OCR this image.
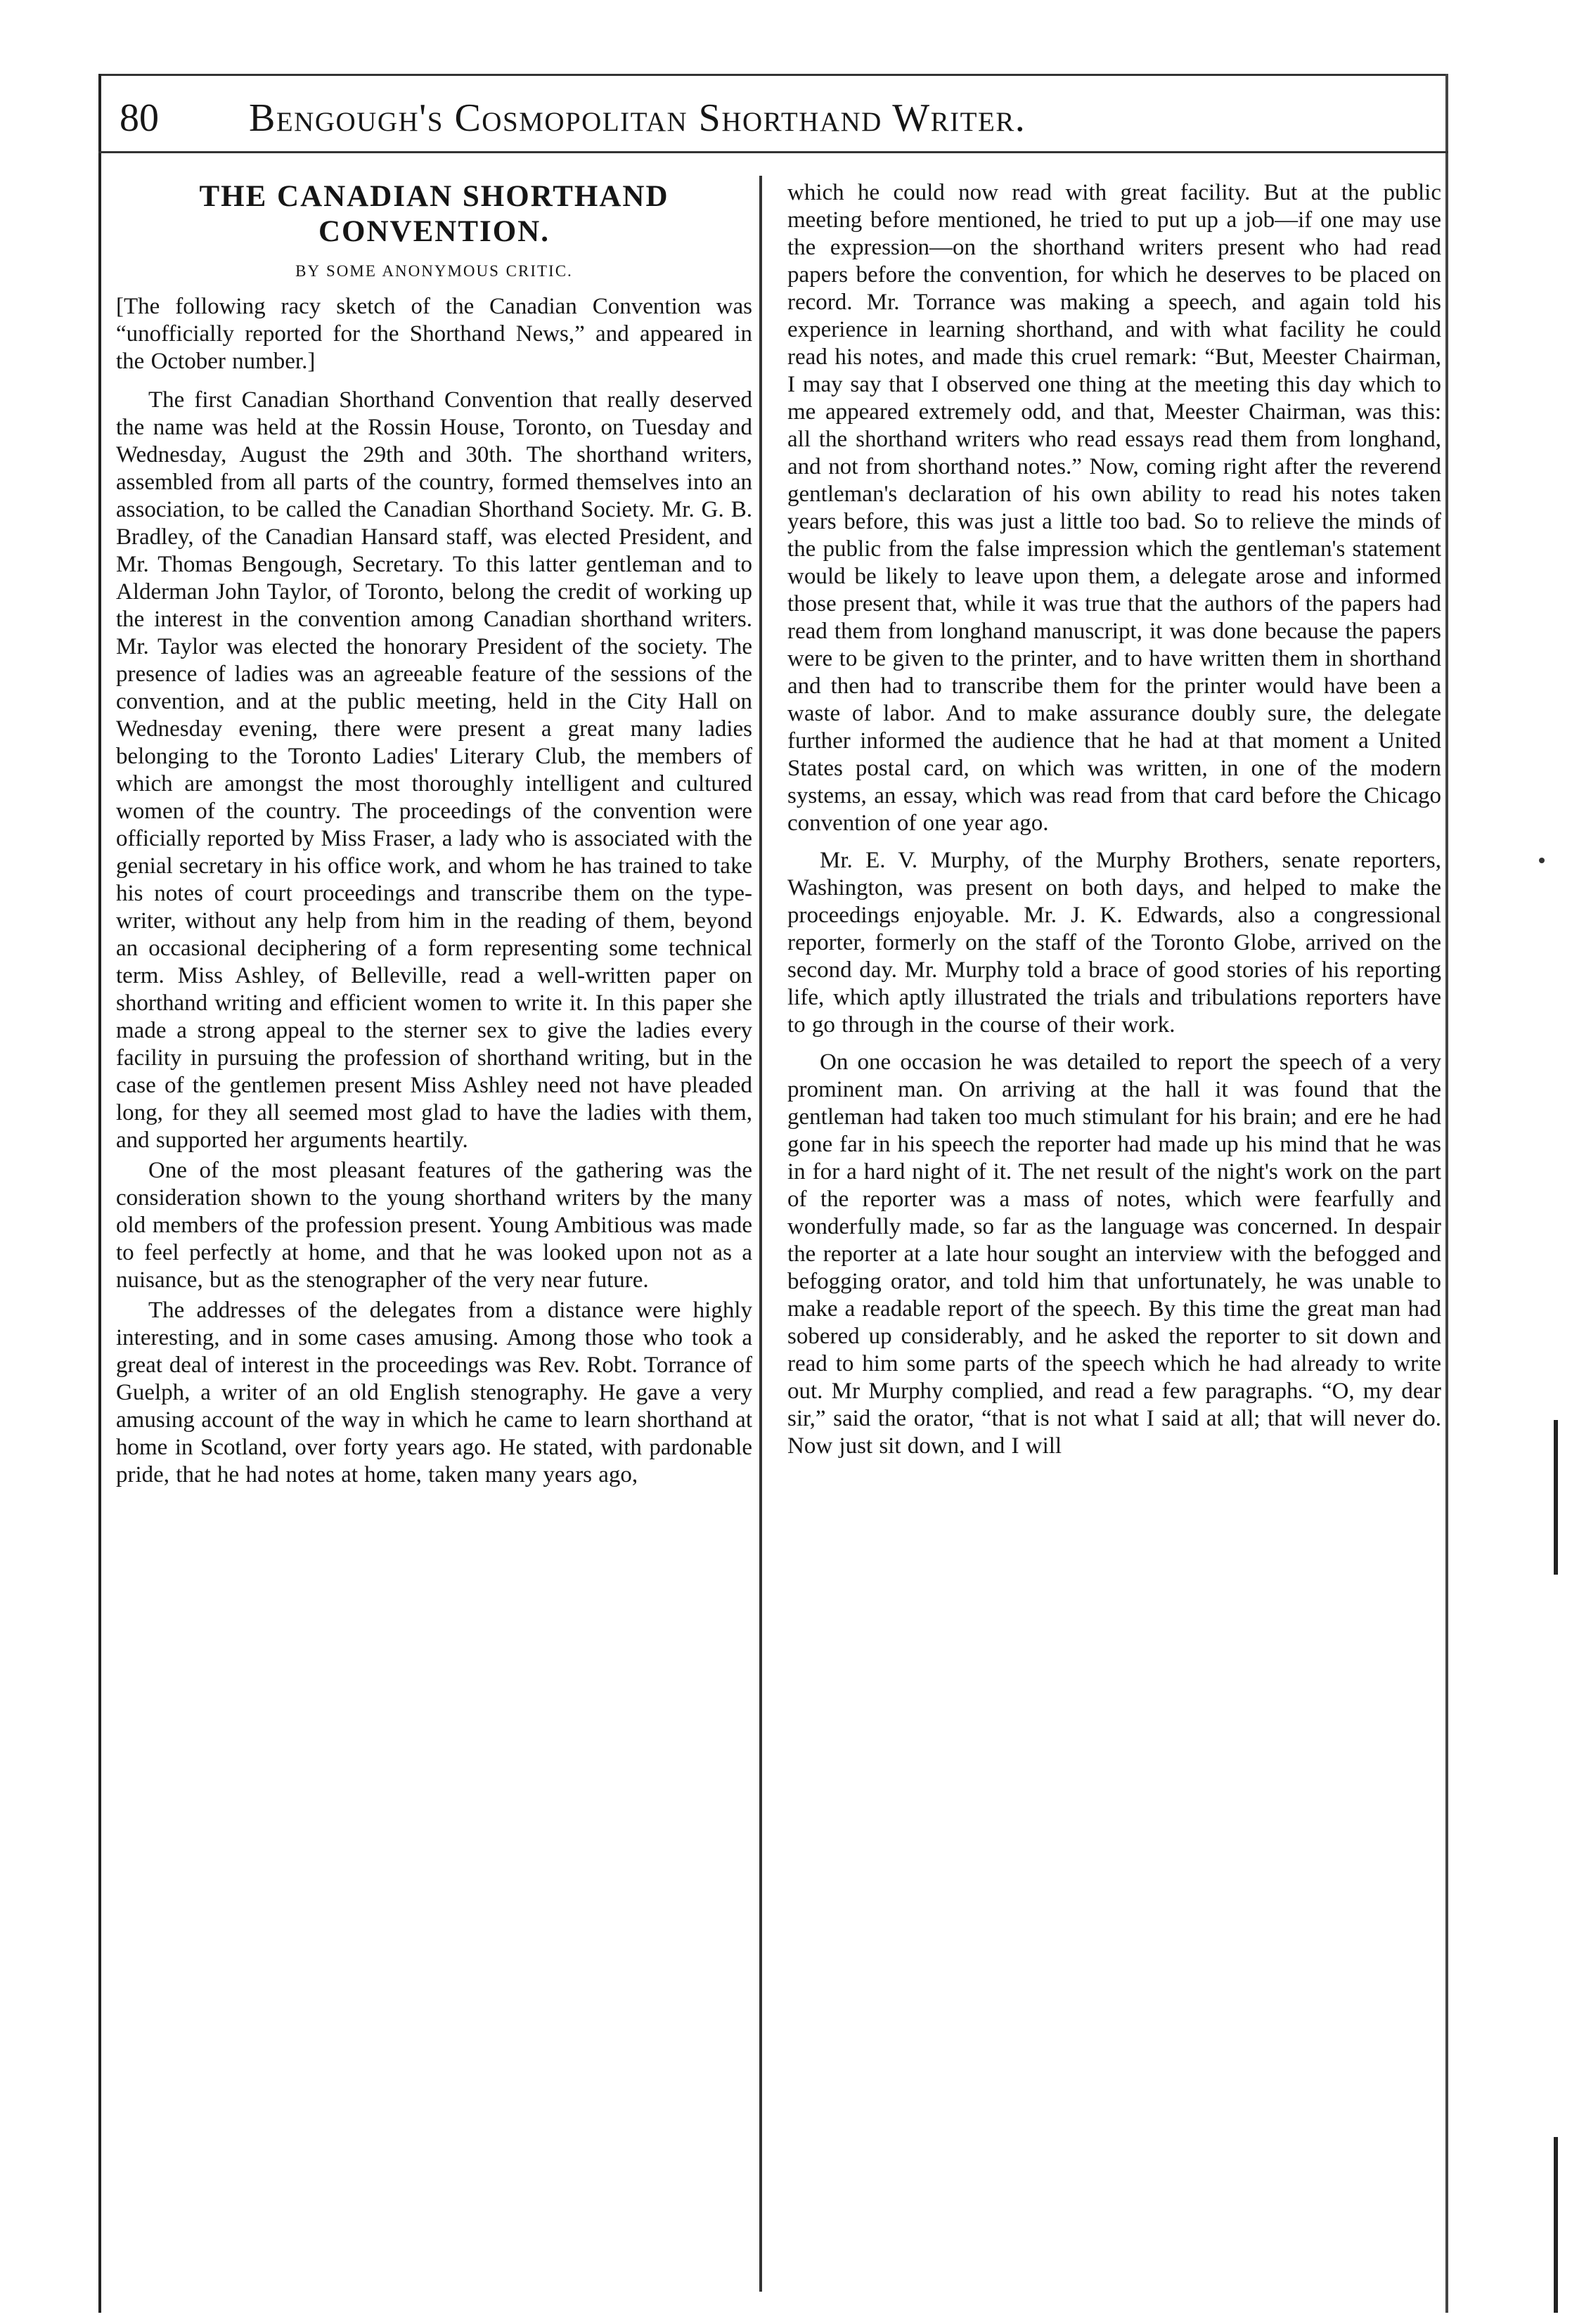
80 Bengough's Cosmopolitan Shorthand Writer.
THE CANADIAN SHORTHAND CONVENTION.
BY SOME ANONYMOUS CRITIC.

[The following racy sketch of the Canadian Convention was “unofficially reported for the Shorthand News,” and appeared in the October number.]

The first Canadian Shorthand Convention that really deserved the name was held at the Rossin House, Toronto, on Tuesday and Wednesday, August the 29th and 30th. The shorthand writers, assembled from all parts of the country, formed themselves into an association, to be called the Canadian Shorthand Society. Mr. G. B. Bradley, of the Canadian Hansard staff, was elected President, and Mr. Thomas Bengough, Secretary. To this latter gentleman and to Alderman John Taylor, of Toronto, belong the credit of working up the interest in the convention among Canadian shorthand writers. Mr. Taylor was elected the honorary President of the society. The presence of ladies was an agreeable feature of the sessions of the convention, and at the public meeting, held in the City Hall on Wednesday evening, there were present a great many ladies belonging to the Toronto Ladies' Literary Club, the members of which are amongst the most thoroughly intelligent and cultured women of the country. The proceedings of the convention were officially reported by Miss Fraser, a lady who is associated with the genial secretary in his office work, and whom he has trained to take his notes of court proceedings and transcribe them on the type-writer, without any help from him in the reading of them, beyond an occasional deciphering of a form representing some technical term. Miss Ashley, of Belleville, read a well-written paper on shorthand writing and efficient women to write it. In this paper she made a strong appeal to the sterner sex to give the ladies every facility in pursuing the profession of shorthand writing, but in the case of the gentlemen present Miss Ashley need not have pleaded long, for they all seemed most glad to have the ladies with them, and supported her arguments heartily.

One of the most pleasant features of the gathering was the consideration shown to the young shorthand writers by the many old members of the profession present. Young Ambitious was made to feel perfectly at home, and that he was looked upon not as a nuisance, but as the stenographer of the very near future.

The addresses of the delegates from a distance were highly interesting, and in some cases amusing. Among those who took a great deal of interest in the proceedings was Rev. Robt. Torrance of Guelph, a writer of an old English stenography. He gave a very amusing account of the way in which he came to learn shorthand at home in Scotland, over forty years ago. He stated, with pardonable pride, that he had notes at home, taken many years ago,

which he could now read with great facility. But at the public meeting before mentioned, he tried to put up a job—if one may use the expression—on the shorthand writers present who had read papers before the convention, for which he deserves to be placed on record. Mr. Torrance was making a speech, and again told his experience in learning shorthand, and with what facility he could read his notes, and made this cruel remark: “But, Meester Chairman, I may say that I observed one thing at the meeting this day which to me appeared extremely odd, and that, Meester Chairman, was this: all the shorthand writers who read essays read them from longhand, and not from shorthand notes.” Now, coming right after the reverend gentleman's declaration of his own ability to read his notes taken years before, this was just a little too bad. So to relieve the minds of the public from the false impression which the gentleman's statement would be likely to leave upon them, a delegate arose and informed those present that, while it was true that the authors of the papers had read them from longhand manuscript, it was done because the papers were to be given to the printer, and to have written them in shorthand and then had to transcribe them for the printer would have been a waste of labor. And to make assurance doubly sure, the delegate further informed the audience that he had at that moment a United States postal card, on which was written, in one of the modern systems, an essay, which was read from that card before the Chicago convention of one year ago.

Mr. E. V. Murphy, of the Murphy Brothers, senate reporters, Washington, was present on both days, and helped to make the proceedings enjoyable. Mr. J. K. Edwards, also a congressional reporter, formerly on the staff of the Toronto Globe, arrived on the second day. Mr. Murphy told a brace of good stories of his reporting life, which aptly illustrated the trials and tribulations reporters have to go through in the course of their work.

On one occasion he was detailed to report the speech of a very prominent man. On arriving at the hall it was found that the gentleman had taken too much stimulant for his brain; and ere he had gone far in his speech the reporter had made up his mind that he was in for a hard night of it. The net result of the night's work on the part of the reporter was a mass of notes, which were fearfully and wonderfully made, so far as the language was concerned. In despair the reporter at a late hour sought an interview with the befogged and befogging orator, and told him that unfortunately, he was unable to make a readable report of the speech. By this time the great man had sobered up considerably, and he asked the reporter to sit down and read to him some parts of the speech which he had already to write out. Mr Murphy complied, and read a few paragraphs. “O, my dear sir,” said the orator, “that is not what I said at all; that will never do. Now just sit down, and I will
